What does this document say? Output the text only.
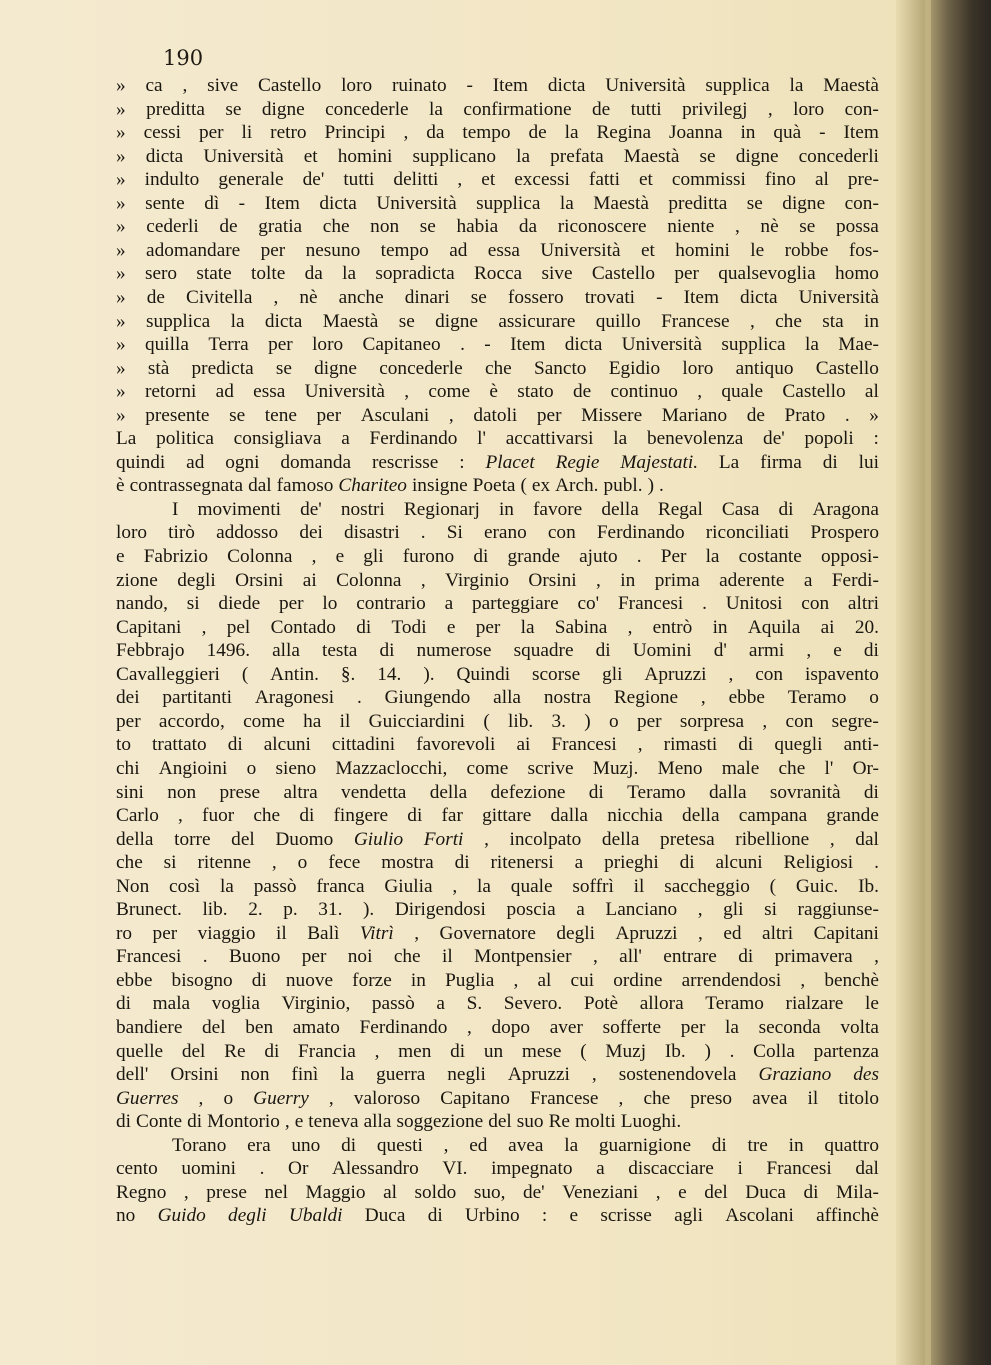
190
» ca , sive Castello loro ruinato - Item dicta Università supplica la Maestà
» preditta se digne concederle la confirmatione de tutti privilegj , loro con-
» cessi per li retro Principi , da tempo de la Regina Joanna in quà - Item
» dicta Università et homini supplicano la prefata Maestà se digne concederli
» indulto generale de' tutti delitti , et excessi fatti et commissi fino al pre-
» sente dì - Item dicta Università supplica la Maestà preditta se digne con-
» cederli de gratia che non se habia da riconoscere niente , nè se possa
» adomandare per nesuno tempo ad essa Università et homini le robbe fos-
» sero state tolte da la sopradicta Rocca sive Castello per qualsevoglia homo
» de Civitella , nè anche dinari se fossero trovati - Item dicta Università
» supplica la dicta Maestà se digne assicurare quillo Francese , che sta in
» quilla Terra per loro Capitaneo . - Item dicta Università supplica la Mae-
» stà predicta se digne concederle che Sancto Egidio loro antiquo Castello
» retorni ad essa Università , come è stato de continuo , quale Castello al
» presente se tene per Asculani , datoli per Missere Mariano de Prato . »
La politica consigliava a Ferdinando l' accattivarsi la benevolenza de' popoli :
quindi ad ogni domanda rescrisse : Placet Regie Majestati. La firma di lui
è contrassegnata dal famoso Chariteo insigne Poeta ( ex Arch. publ. ) .
I movimenti de' nostri Regionarj in favore della Regal Casa di Aragona
loro tirò addosso dei disastri . Si erano con Ferdinando riconciliati Prospero
e Fabrizio Colonna , e gli furono di grande ajuto . Per la costante opposi-
zione degli Orsini ai Colonna , Virginio Orsini , in prima aderente a Ferdi-
nando, si diede per lo contrario a parteggiare co' Francesi . Unitosi con altri
Capitani , pel Contado di Todi e per la Sabina , entrò in Aquila ai 20.
Febbrajo 1496. alla testa di numerose squadre di Uomini d' armi , e di
Cavalleggieri ( Antin. §. 14. ). Quindi scorse gli Apruzzi , con ispavento
dei partitanti Aragonesi . Giungendo alla nostra Regione , ebbe Teramo o
per accordo, come ha il Guicciardini ( lib. 3. ) o per sorpresa , con segre-
to trattato di alcuni cittadini favorevoli ai Francesi , rimasti di quegli anti-
chi Angioini o sieno Mazzaclocchi, come scrive Muzj. Meno male che l' Or-
sini non prese altra vendetta della defezione di Teramo dalla sovranità di
Carlo , fuor che di fingere di far gittare dalla nicchia della campana grande
della torre del Duomo Giulio Forti , incolpato della pretesa ribellione , dal
che si ritenne , o fece mostra di ritenersi a prieghi di alcuni Religiosi .
Non così la passò franca Giulia , la quale soffrì il saccheggio ( Guic. Ib.
Brunect. lib. 2. p. 31. ). Dirigendosi poscia a Lanciano , gli si raggiunse-
ro per viaggio il Balì Vitrì , Governatore degli Apruzzi , ed altri Capitani
Francesi . Buono per noi che il Montpensier , all' entrare di primavera ,
ebbe bisogno di nuove forze in Puglia , al cui ordine arrendendosi , benchè
di mala voglia Virginio, passò a S. Severo. Potè allora Teramo rialzare le
bandiere del ben amato Ferdinando , dopo aver sofferte per la seconda volta
quelle del Re di Francia , men di un mese ( Muzj Ib. ) . Colla partenza
dell' Orsini non finì la guerra negli Apruzzi , sostenendovela Graziano des
Guerres , o Guerry , valoroso Capitano Francese , che preso avea il titolo
di Conte di Montorio , e teneva alla soggezione del suo Re molti Luoghi.
Torano era uno di questi , ed avea la guarnigione di tre in quattro
cento uomini . Or Alessandro VI. impegnato a discacciare i Francesi dal
Regno , prese nel Maggio al soldo suo, de' Veneziani , e del Duca di Mila-
no Guido degli Ubaldi Duca di Urbino : e scrisse agli Ascolani affinchè
